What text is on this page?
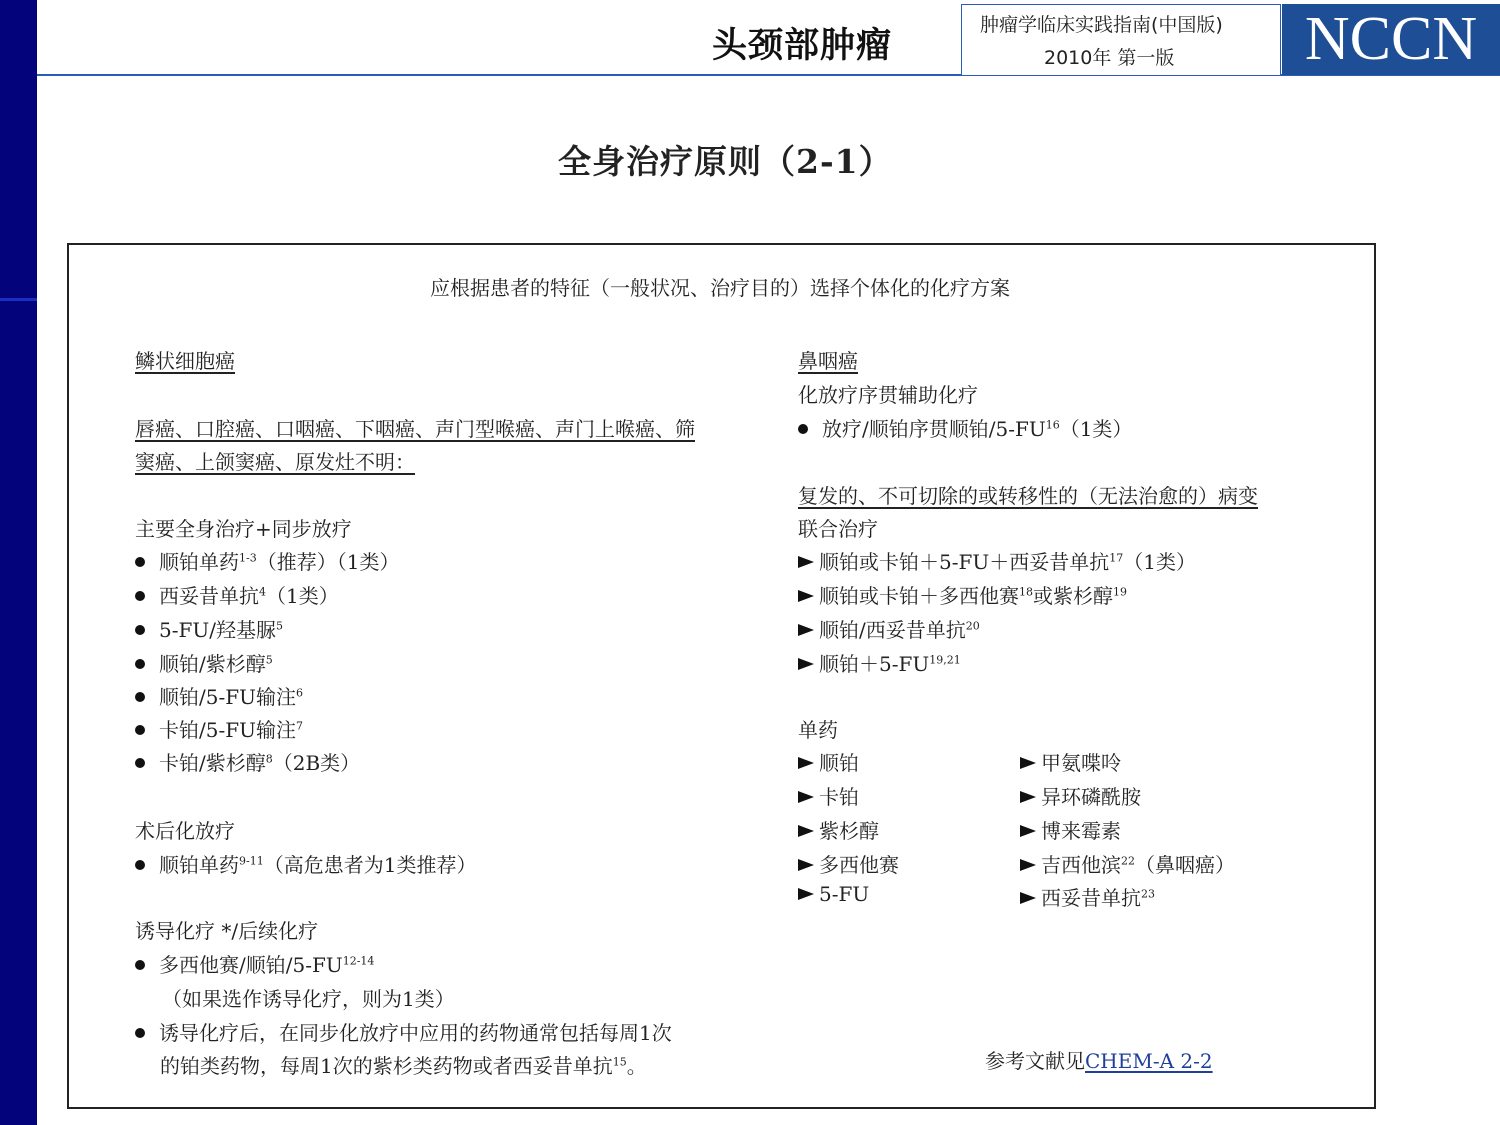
头颈部肿瘤
肿瘤学临床实践指南(中国版)
2010年 第一版	NCCN
全身治疗原则（2-1）
应根据患者的特征（一般状况、治疗目的）选择个体化的化疗方案
鳞状细胞癌
唇癌、口腔癌、口咽癌、下咽癌、声门型喉癌、声门上喉癌、筛
窦癌、上颌窦癌、原发灶不明：
主要全身治疗+同步放疗
顺铂单药$^{1-3}$（推荐）（1类）
西妥昔单抗$^4$（1类）
5-FU/羟基脲$^5$
顺铂/紫杉醇$^5$
顺铂/5-FU输注$^6$
卡铂/5-FU输注$^7$
卡铂/紫杉醇$^8$（2B类）
术后化放疗
顺铂单药$^{9-11}$（高危患者为1类推荐）
诱导化疗 */后续化疗
多西他赛/顺铂/5-FU$^{12-14}$
（如果选作诱导化疗，则为1类）
诱导化疗后，在同步化放疗中应用的药物通常包括每周1次
的铂类药物，每周1次的紫杉类药物或者西妥昔单抗$^{15}$。
鼻咽癌
化放疗序贯辅助化疗
放疗/顺铂序贯顺铂/5-FU$^{16}$（1类）
复发的、不可切除的或转移性的（无法治愈的）病变
联合治疗
顺铂或卡铂＋5-FU＋西妥昔单抗$^{17}$（1类）
顺铂或卡铂＋多西他赛$^{18}$或紫杉醇$^{19}$
顺铂/西妥昔单抗$^{20}$
顺铂＋5-FU$^{19,21}$
单药
顺铂
卡铂
紫杉醇
多西他赛
5-FU
甲氨喋呤
异环磷酰胺
博来霉素
吉西他滨$^{22}$（鼻咽癌）
西妥昔单抗$^{23}$
参考文献见CHEM-A 2-2
